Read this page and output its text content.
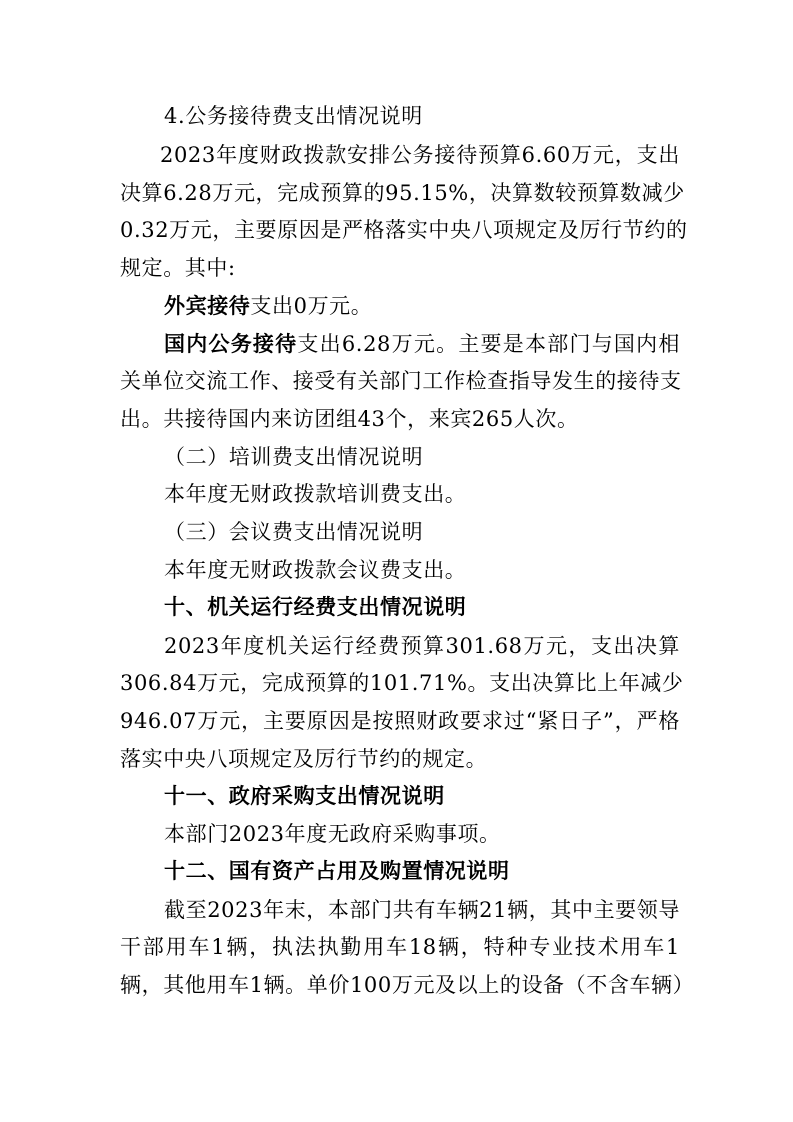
4.公务接待费支出情况说明
2023年度财政拨款安排公务接待预算6.60万元，支出
决算6.28万元，完成预算的95.15%，决算数较预算数减少
0.32万元，主要原因是严格落实中央八项规定及厉行节约的
规定。其中:
外宾接待支出0万元。
国内公务接待支出6.28万元。主要是本部门与国内相
关单位交流工作、接受有关部门工作检查指导发生的接待支
出。共接待国内来访团组43个，来宾265人次。
（二）培训费支出情况说明
本年度无财政拨款培训费支出。
（三）会议费支出情况说明
本年度无财政拨款会议费支出。
十、机关运行经费支出情况说明
2023年度机关运行经费预算301.68万元，支出决算
306.84万元，完成预算的101.71%。支出决算比上年减少
946.07万元，主要原因是按照财政要求过“紧日子”，严格
落实中央八项规定及厉行节约的规定。
十一、政府采购支出情况说明
本部门2023年度无政府采购事项。
十二、国有资产占用及购置情况说明
截至2023年末，本部门共有车辆21辆，其中主要领导
干部用车1辆，执法执勤用车18辆，特种专业技术用车1
辆，其他用车1辆。单价100万元及以上的设备（不含车辆）
